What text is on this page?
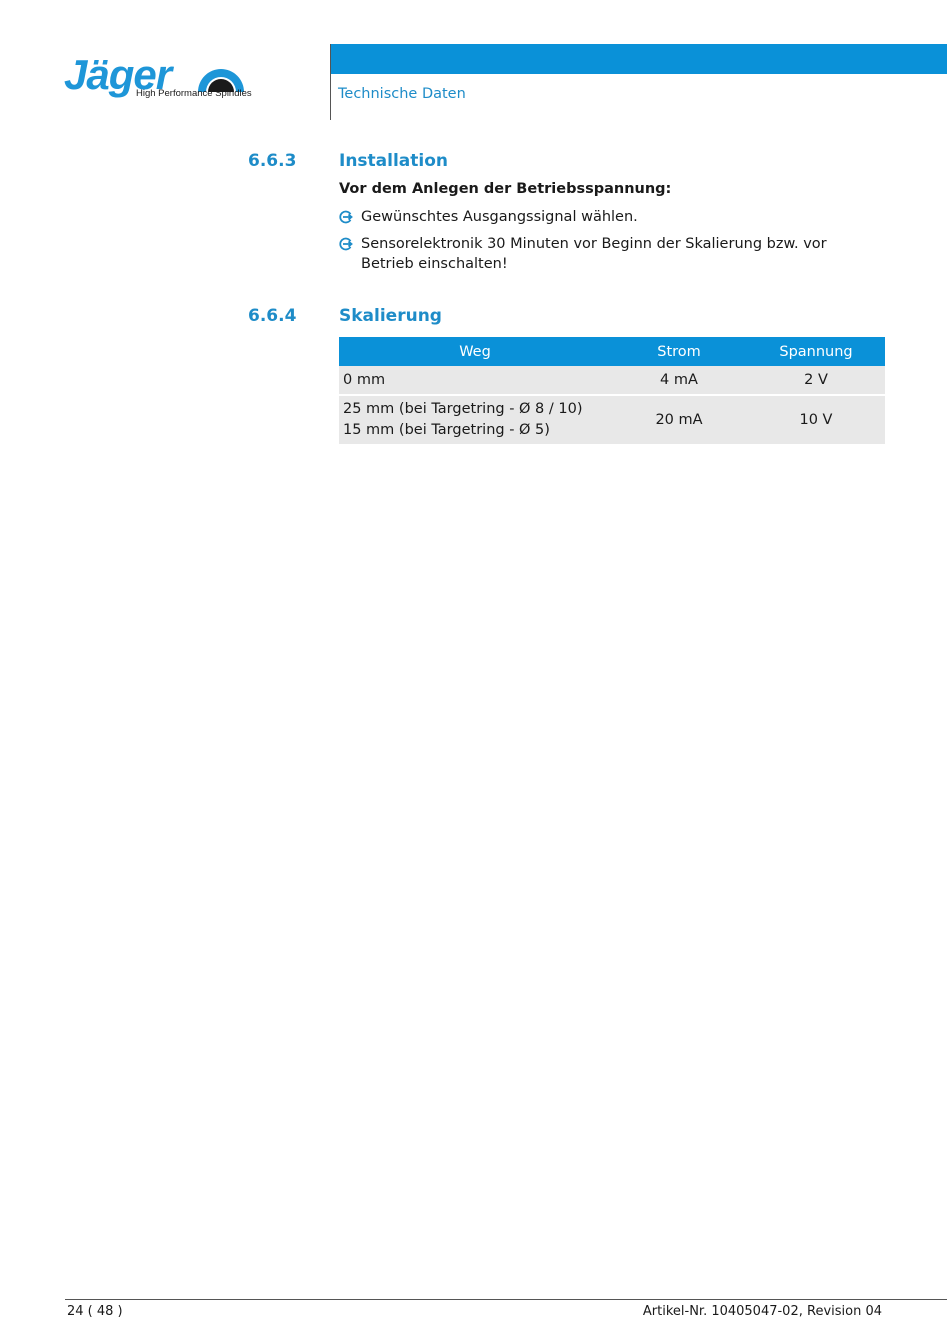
Jäger
High Performance Spindles	Technische Daten
6.6.3	Installation
Vor dem Anlegen der Betriebsspannung:
Gewünschtes Ausgangssignal wählen.
Sensorelektronik 30 Minuten vor Beginn der Skalierung bzw. vor Betrieb einschalten!
6.6.4	Skalierung
Weg	Strom	Spannung
0 mm	4 mA	2 V

25 mm (bei Targetring - Ø 8 / 10)
15 mm (bei Targetring - Ø 5)	20 mA	10 V
24 ( 48 )	Artikel-Nr. 10405047-02, Revision 04
